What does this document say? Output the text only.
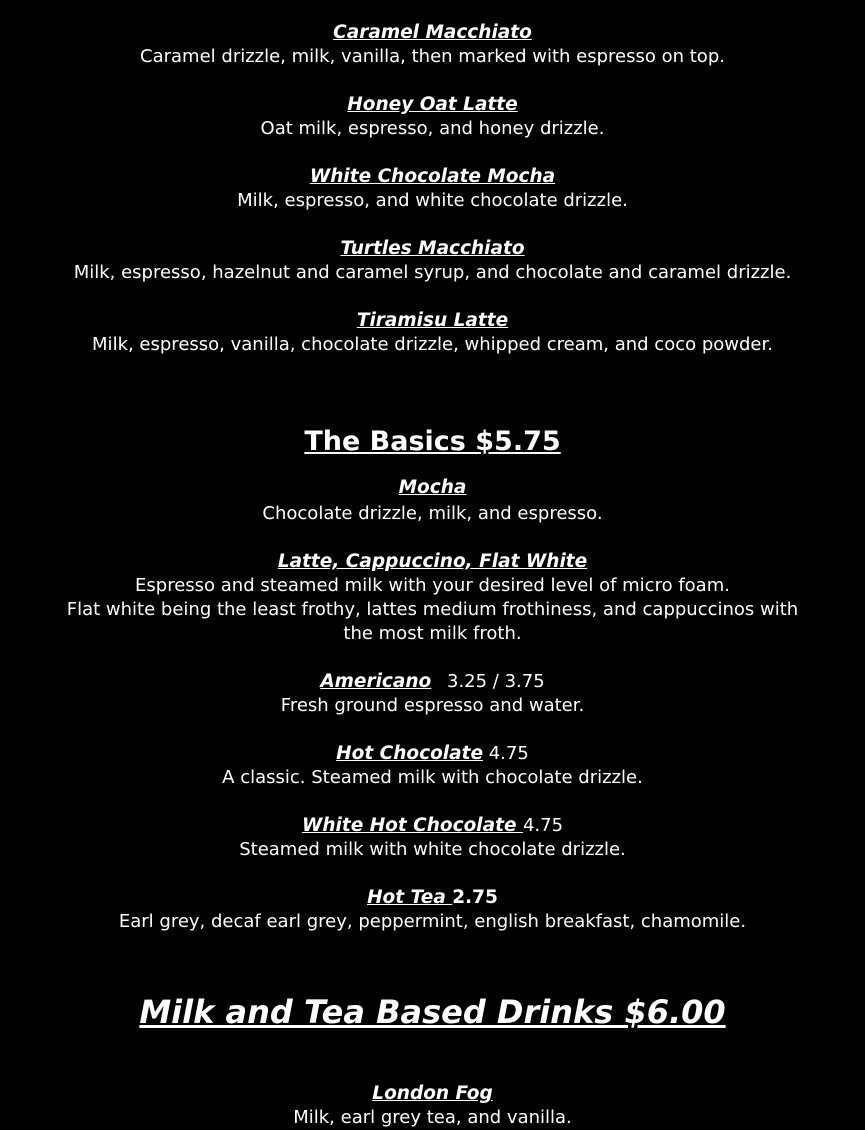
Caramel Macchiato
Caramel drizzle, milk, vanilla, then marked with espresso on top.
Honey Oat Latte
Oat milk, espresso, and honey drizzle.
White Chocolate Mocha
Milk, espresso, and white chocolate drizzle.
Turtles Macchiato
Milk, espresso, hazelnut and caramel syrup, and chocolate and caramel drizzle.
Tiramisu Latte
Milk, espresso, vanilla, chocolate drizzle, whipped cream, and coco powder.
The Basics $5.75
Mocha
Chocolate drizzle, milk, and espresso.
Latte, Cappuccino, Flat White
Espresso and steamed milk with your desired level of micro foam.
Flat white being the least frothy, lattes medium frothiness, and cappuccinos with
the most milk froth.
Americano 3.25 / 3.75
Fresh ground espresso and water.
Hot Chocolate 4.75
A classic. Steamed milk with chocolate drizzle.
White Hot Chocolate 4.75
Steamed milk with white chocolate drizzle.
Hot Tea 2.75
Earl grey, decaf earl grey, peppermint, english breakfast, chamomile.
Milk and Tea Based Drinks $6.00
London Fog
Milk, earl grey tea, and vanilla.
